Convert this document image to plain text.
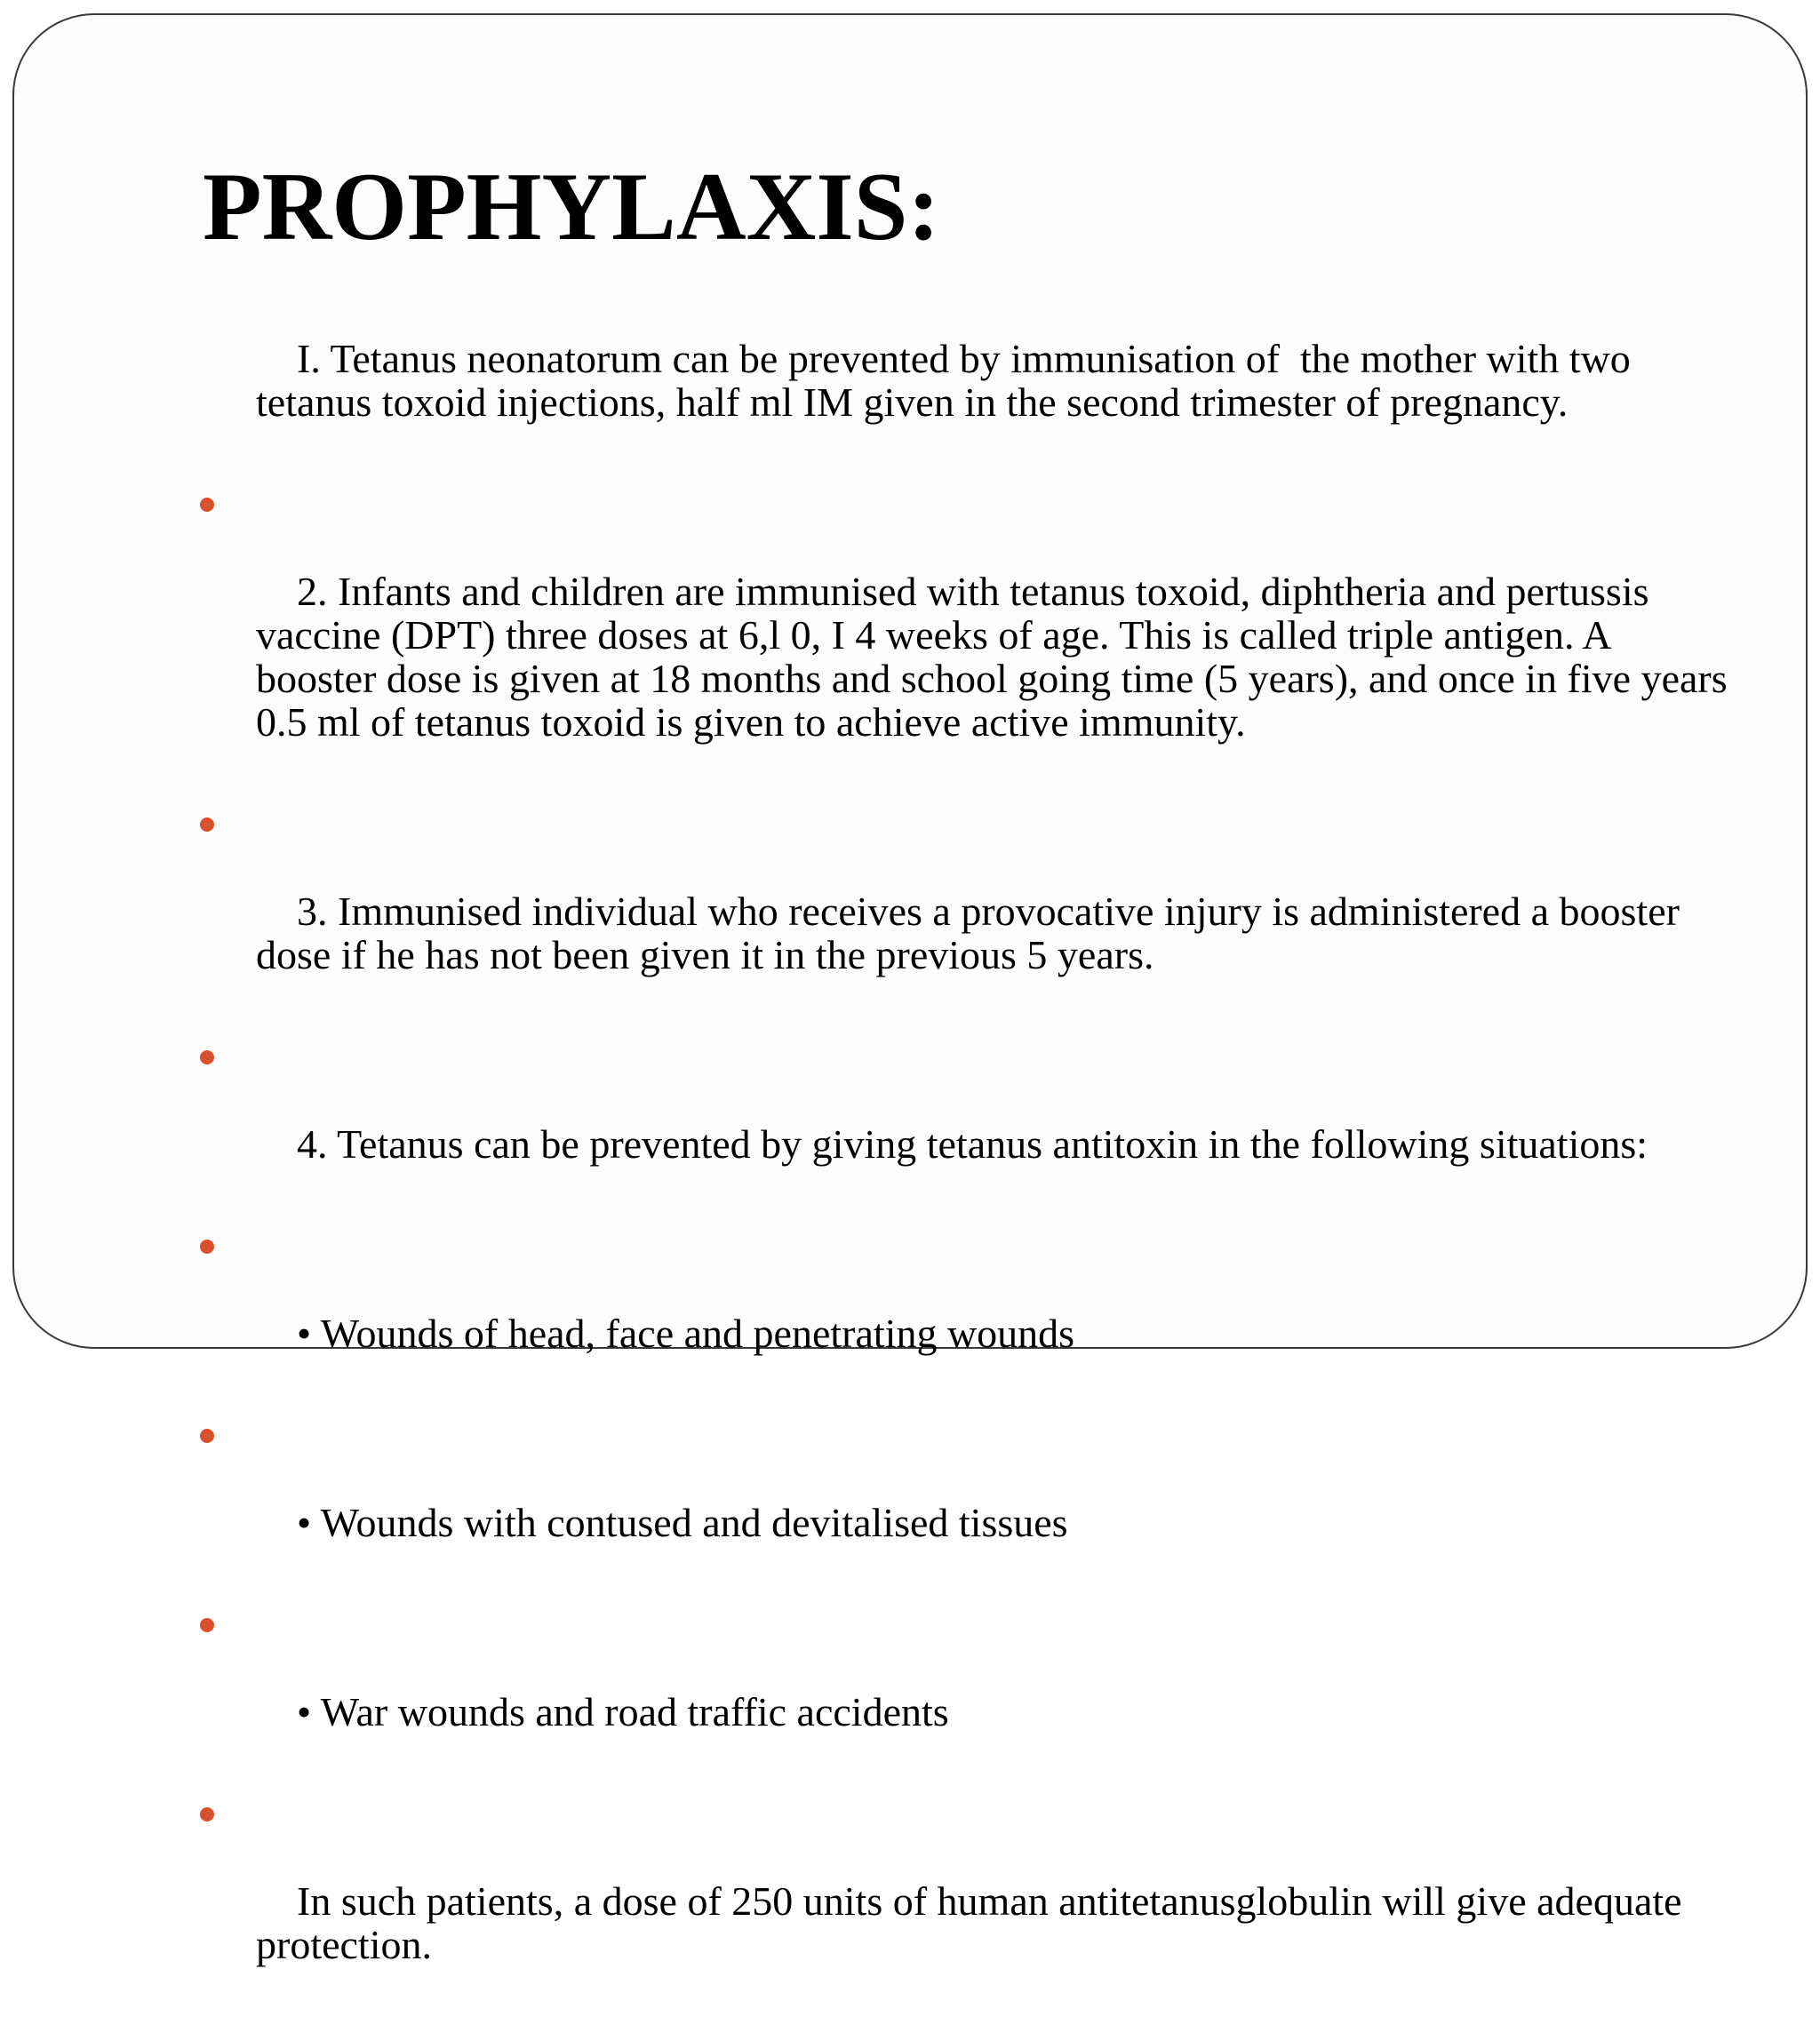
PROPHYLAXIS:

I. Tetanus neonatorum can be prevented by immunisation of  the mother with two tetanus toxoid injections, half ml IM given in the second trimester of pregnancy.

2. Infants and children are immunised with tetanus toxoid, diphtheria and pertussis vaccine (DPT) three doses at 6,l 0, I 4 weeks of age. This is called triple antigen. A booster dose is given at 18 months and school going time (5 years), and once in five years 0.5 ml of tetanus toxoid is given to achieve active immunity.

3. Immunised individual who receives a provocative injury is administered a booster dose if he has not been given it in the previous 5 years.

4. Tetanus can be prevented by giving tetanus antitoxin in the following situations:

• Wounds of head, face and penetrating wounds

• Wounds with contused and devitalised tissues

• War wounds and road traffic accidents

In such patients, a dose of 250 units of human antitetanusglobulin will give adequate protection.
